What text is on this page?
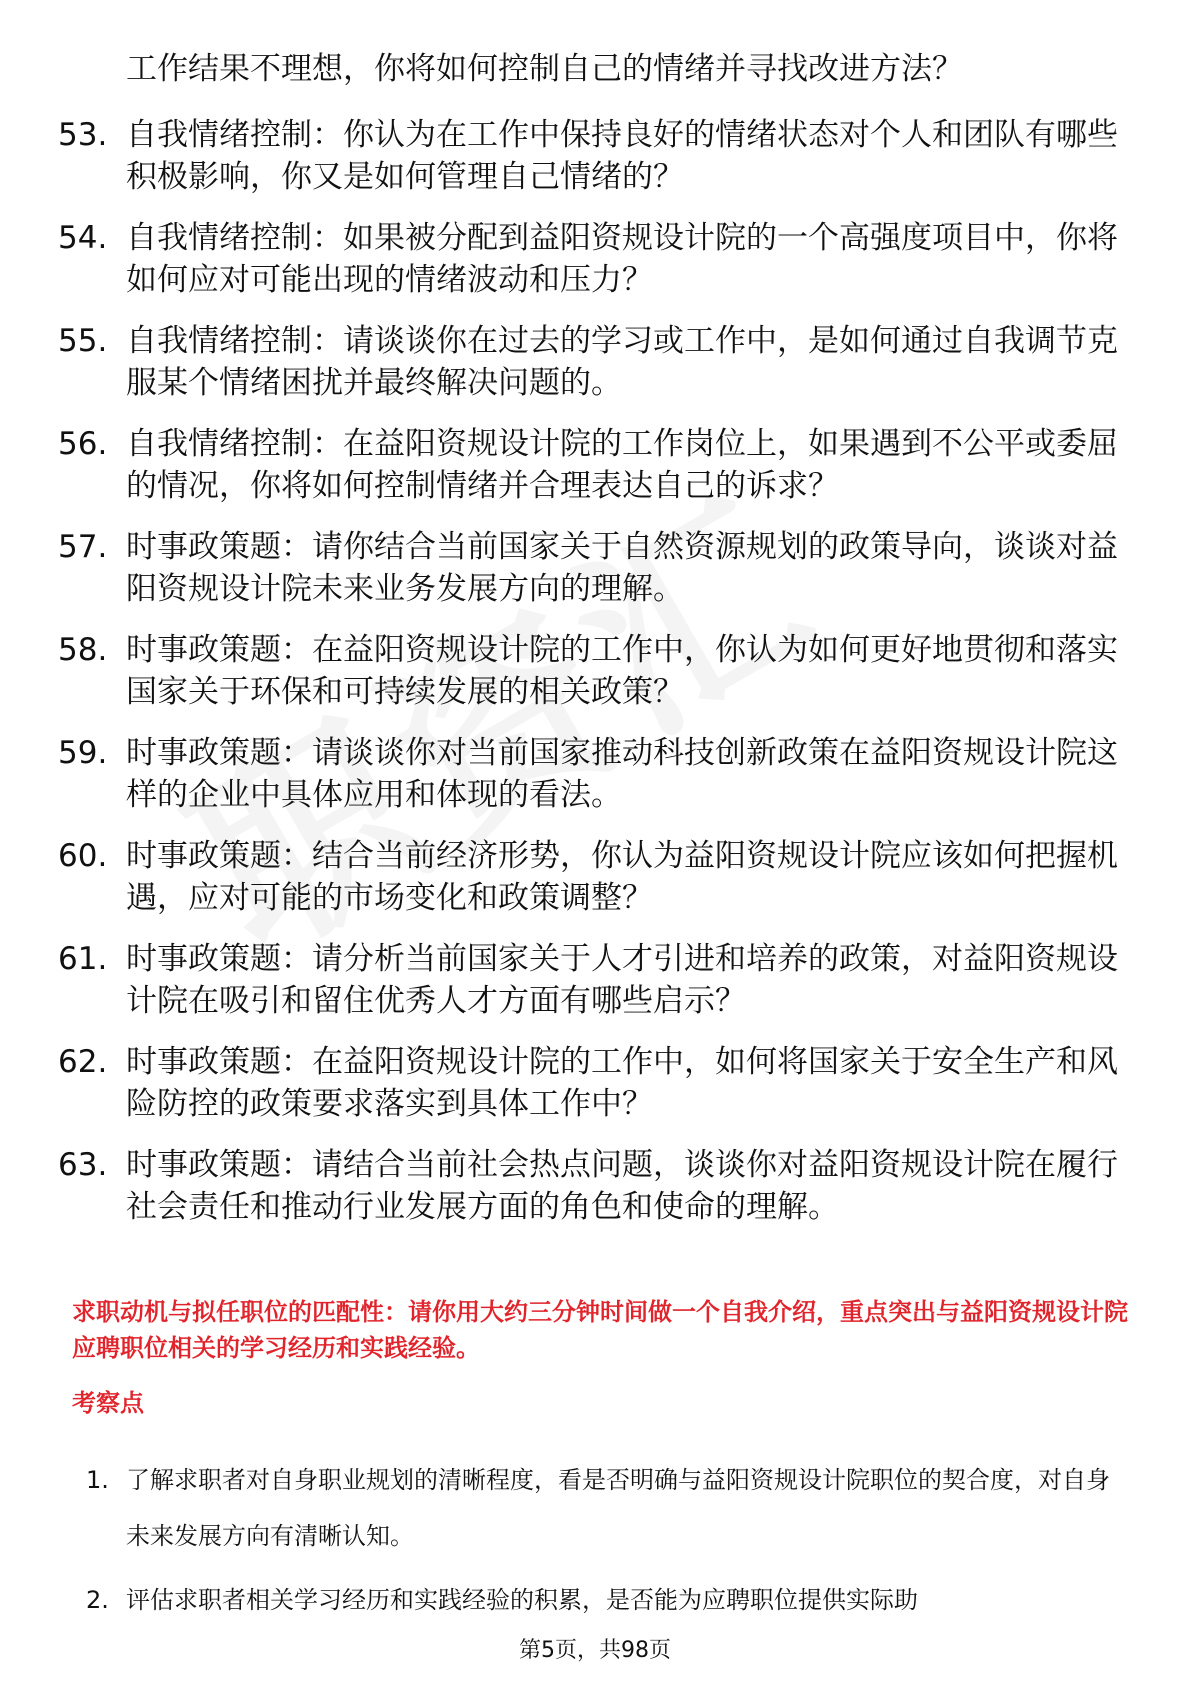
工作结果不理想，你将如何控制自己的情绪并寻找改进方法？

53. 自我情绪控制：你认为在工作中保持良好的情绪状态对个人和团队有哪些积极影响，你又是如何管理自己情绪的？
54. 自我情绪控制：如果被分配到益阳资规设计院的一个高强度项目中，你将如何应对可能出现的情绪波动和压力？
55. 自我情绪控制：请谈谈你在过去的学习或工作中，是如何通过自我调节克服某个情绪困扰并最终解决问题的。
56. 自我情绪控制：在益阳资规设计院的工作岗位上，如果遇到不公平或委屈的情况，你将如何控制情绪并合理表达自己的诉求？
57. 时事政策题：请你结合当前国家关于自然资源规划的政策导向，谈谈对益阳资规设计院未来业务发展方向的理解。
58. 时事政策题：在益阳资规设计院的工作中，你认为如何更好地贯彻和落实国家关于环保和可持续发展的相关政策？
59. 时事政策题：请谈谈你对当前国家推动科技创新政策在益阳资规设计院这样的企业中具体应用和体现的看法。
60. 时事政策题：结合当前经济形势，你认为益阳资规设计院应该如何把握机遇，应对可能的市场变化和政策调整？
61. 时事政策题：请分析当前国家关于人才引进和培养的政策，对益阳资规设计院在吸引和留住优秀人才方面有哪些启示？
62. 时事政策题：在益阳资规设计院的工作中，如何将国家关于安全生产和风险防控的政策要求落实到具体工作中？
63. 时事政策题：请结合当前社会热点问题，谈谈你对益阳资规设计院在履行社会责任和推动行业发展方面的角色和使命的理解。

求职动机与拟任职位的匹配性：请你用大约三分钟时间做一个自我介绍，重点突出与益阳资规设计院应聘职位相关的学习经历和实践经验。

考察点

1. 了解求职者对自身职业规划的清晰程度，看是否明确与益阳资规设计院职位的契合度，对自身未来发展方向有清晰认知。
2. 评估求职者相关学习经历和实践经验的积累，是否能为应聘职位提供实际助
第5页，共98页
